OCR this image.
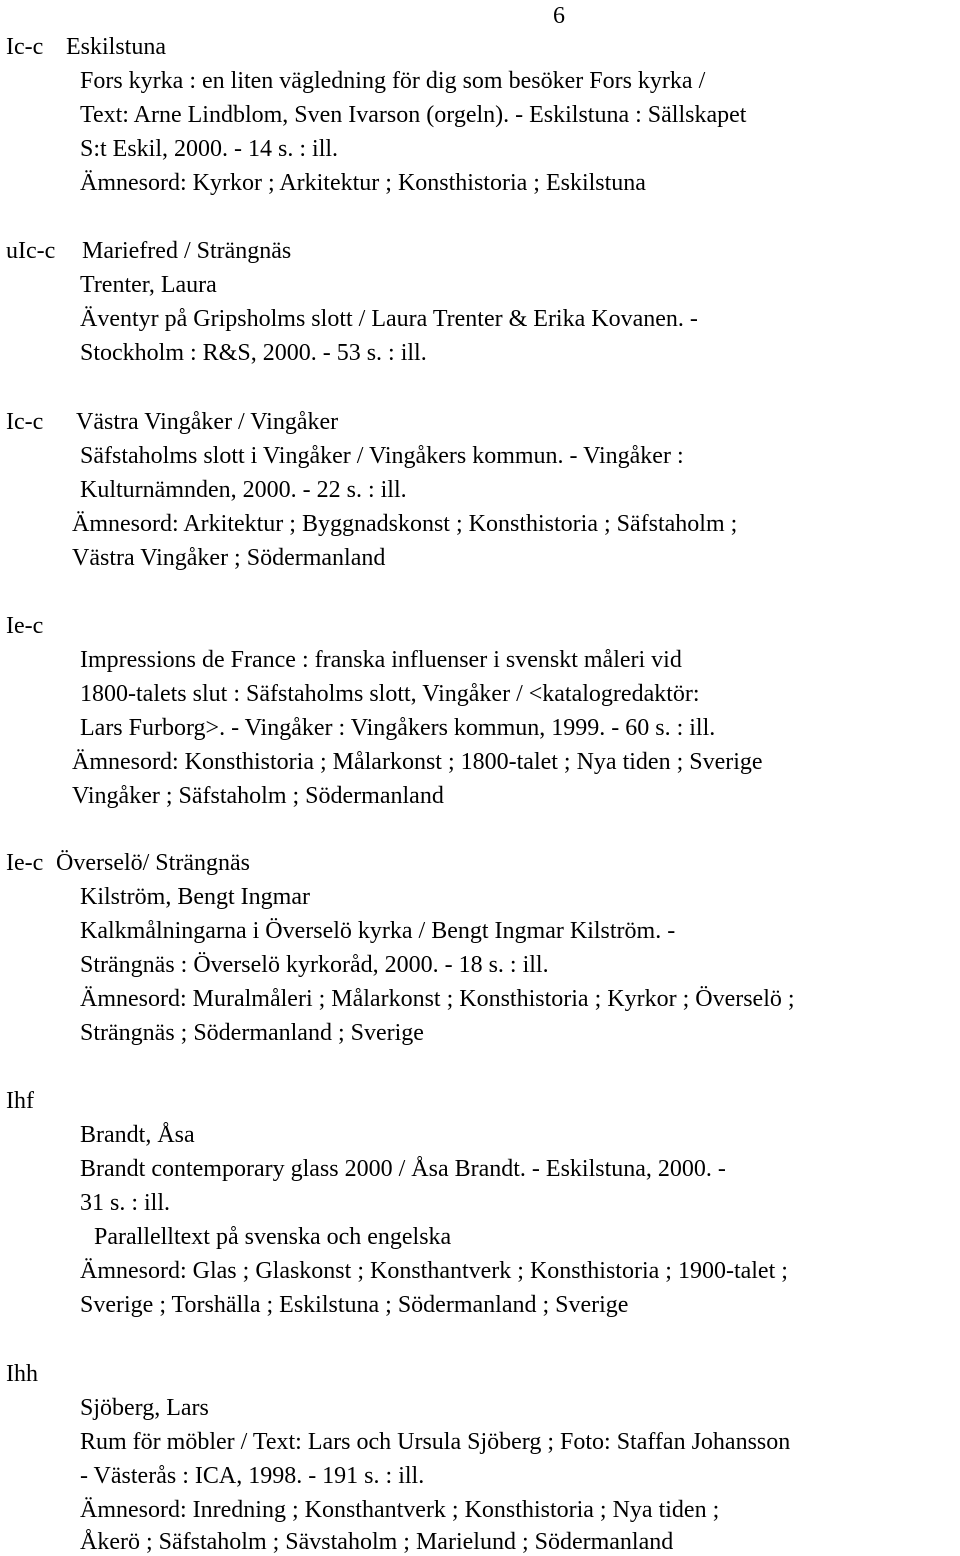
6
Ic-c Eskilstuna
Fors kyrka : en liten vägledning för dig som besöker Fors kyrka /
Text: Arne Lindblom, Sven Ivarson (orgeln). - Eskilstuna : Sällskapet
S:t Eskil, 2000. - 14 s. : ill.
Ämnesord: Kyrkor ; Arkitektur ; Konsthistoria ; Eskilstuna
uIc-c Mariefred / Strängnäs
Trenter, Laura
Äventyr på Gripsholms slott / Laura Trenter & Erika Kovanen. -
Stockholm : R&S, 2000. - 53 s. : ill.
Ic-c Västra Vingåker / Vingåker
Säfstaholms slott i Vingåker / Vingåkers kommun. - Vingåker :
Kulturnämnden, 2000. - 22 s. : ill.
Ämnesord: Arkitektur ; Byggnadskonst ; Konsthistoria ; Säfstaholm ;
Västra Vingåker ; Södermanland
Ie-c
Impressions de France : franska influenser i svenskt måleri vid
1800-talets slut : Säfstaholms slott, Vingåker / <katalogredaktör:
Lars Furborg>. - Vingåker : Vingåkers kommun, 1999. - 60 s. : ill.
Ämnesord: Konsthistoria ; Målarkonst ; 1800-talet ; Nya tiden ; Sverige
Vingåker ; Säfstaholm ; Södermanland
Ie-c Överselö/ Strängnäs
Kilström, Bengt Ingmar
Kalkmålningarna i Överselö kyrka / Bengt Ingmar Kilström. -
Strängnäs : Överselö kyrkoråd, 2000. - 18 s. : ill.
Ämnesord: Muralmåleri ; Målarkonst ; Konsthistoria ; Kyrkor ; Överselö ;
Strängnäs ; Södermanland ; Sverige
Ihf
Brandt, Åsa
Brandt contemporary glass 2000 / Åsa Brandt. - Eskilstuna, 2000. -
31 s. : ill.
Parallelltext på svenska och engelska
Ämnesord: Glas ; Glaskonst ; Konsthantverk ; Konsthistoria ; 1900-talet ;
Sverige ; Torshälla ; Eskilstuna ; Södermanland ; Sverige
Ihh
Sjöberg, Lars
Rum för möbler / Text: Lars och Ursula Sjöberg ; Foto: Staffan Johansson
- Västerås : ICA, 1998. - 191 s. : ill.
Ämnesord: Inredning ; Konsthantverk ; Konsthistoria ; Nya tiden ;
Åkerö ; Säfstaholm ; Sävstaholm ; Marielund ; Södermanland
